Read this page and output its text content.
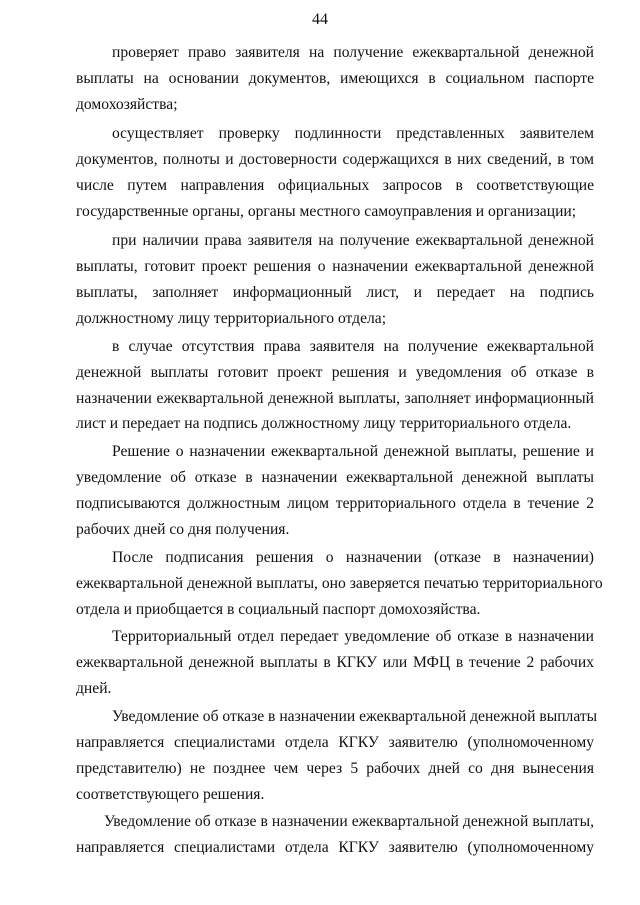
44
проверяет право заявителя на получение ежеквартальной денежной
выплаты на основании документов, имеющихся в социальном паспорте
домохозяйства;
осуществляет проверку подлинности представленных заявителем
документов, полноты и достоверности содержащихся в них сведений, в том
числе путем направления официальных запросов в соответствующие
государственные органы, органы местного самоуправления и организации;
при наличии права заявителя на получение ежеквартальной денежной
выплаты, готовит проект решения о назначении ежеквартальной денежной
выплаты, заполняет информационный лист, и передает на подпись
должностному лицу территориального отдела;
в случае отсутствия права заявителя на получение ежеквартальной
денежной выплаты готовит проект решения и уведомления об отказе в
назначении ежеквартальной денежной выплаты, заполняет информационный
лист и передает на подпись должностному лицу территориального отдела.
Решение о назначении ежеквартальной денежной выплаты, решение и
уведомление об отказе в назначении ежеквартальной денежной выплаты
подписываются должностным лицом территориального отдела в течение 2
рабочих дней со дня получения.
После подписания решения о назначении (отказе в назначении)
ежеквартальной денежной выплаты, оно заверяется печатью территориального
отдела и приобщается в социальный паспорт домохозяйства.
Территориальный отдел передает уведомление об отказе в назначении
ежеквартальной денежной выплаты в КГКУ или МФЦ в течение 2 рабочих
дней.
Уведомление об отказе в назначении ежеквартальной денежной выплаты
направляется специалистами отдела КГКУ заявителю (уполномоченному
представителю) не позднее чем через 5 рабочих дней со дня вынесения
соответствующего решения.
Уведомление об отказе в назначении ежеквартальной денежной выплаты,
направляется специалистами отдела КГКУ заявителю (уполномоченному
